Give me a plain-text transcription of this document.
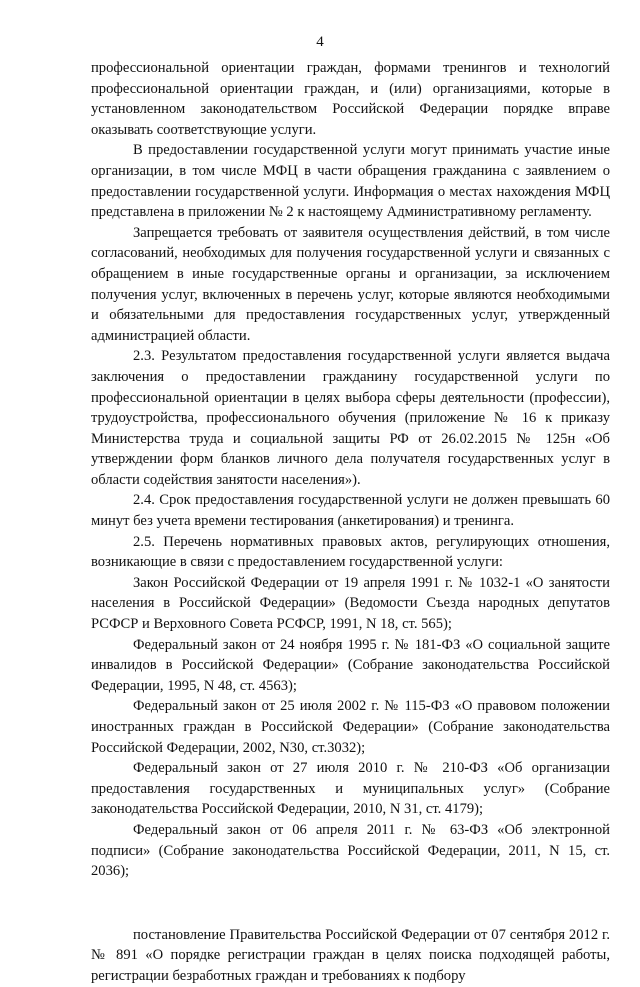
4

профессиональной ориентации граждан, формами тренингов и технологий профессиональной ориентации граждан, и (или) организациями, которые в установленном законодательством Российской Федерации порядке вправе оказывать соответствующие услуги.

В предоставлении государственной услуги могут принимать участие иные организации, в том числе МФЦ в части обращения гражданина с заявлением о предоставлении государственной услуги. Информация о местах нахождения МФЦ представлена в приложении № 2 к настоящему Административному регламенту.

Запрещается требовать от заявителя осуществления действий, в том числе согласований, необходимых для получения государственной услуги и связанных с обращением в иные государственные органы и организации, за исключением получения услуг, включенных в перечень услуг, которые являются необходимыми и обязательными для предоставления государственных услуг, утвержденный администрацией области.

2.3. Результатом предоставления государственной услуги является выдача заключения о предоставлении гражданину государственной услуги по профессиональной ориентации в целях выбора сферы деятельности (профессии), трудоустройства, профессионального обучения (приложение № 16 к приказу Министерства труда и социальной защиты РФ от 26.02.2015 № 125н «Об утверждении форм бланков личного дела получателя государственных услуг в области содействия занятости населения»).

2.4. Срок предоставления государственной услуги не должен превышать 60 минут без учета времени тестирования (анкетирования) и тренинга.

2.5. Перечень нормативных правовых актов, регулирующих отношения, возникающие в связи с предоставлением государственной услуги:

Закон Российской Федерации от 19 апреля 1991 г. № 1032-1 «О занятости населения в Российской Федерации» (Ведомости Съезда народных депутатов РСФСР и Верховного Совета РСФСР, 1991, N 18, ст. 565);

Федеральный закон от 24 ноября 1995 г. № 181-ФЗ «О социальной защите инвалидов в Российской Федерации» (Собрание законодательства Российской Федерации, 1995, N 48, ст. 4563);

Федеральный закон от 25 июля 2002 г. № 115-ФЗ «О правовом положении иностранных граждан в Российской Федерации» (Собрание законодательства Российской Федерации, 2002, N30, ст.3032);

Федеральный закон от 27 июля 2010 г. № 210-ФЗ «Об организации предоставления государственных и муниципальных услуг» (Собрание законодательства Российской Федерации, 2010, N 31, ст. 4179);

Федеральный закон от 06 апреля 2011 г. № 63-ФЗ «Об электронной подписи» (Собрание законодательства Российской Федерации, 2011, N 15, ст. 2036);

постановление Правительства Российской Федерации от 07 сентября 2012 г. № 891 «О порядке регистрации граждан в целях поиска подходящей работы, регистрации безработных граждан и требованиях к подбору
